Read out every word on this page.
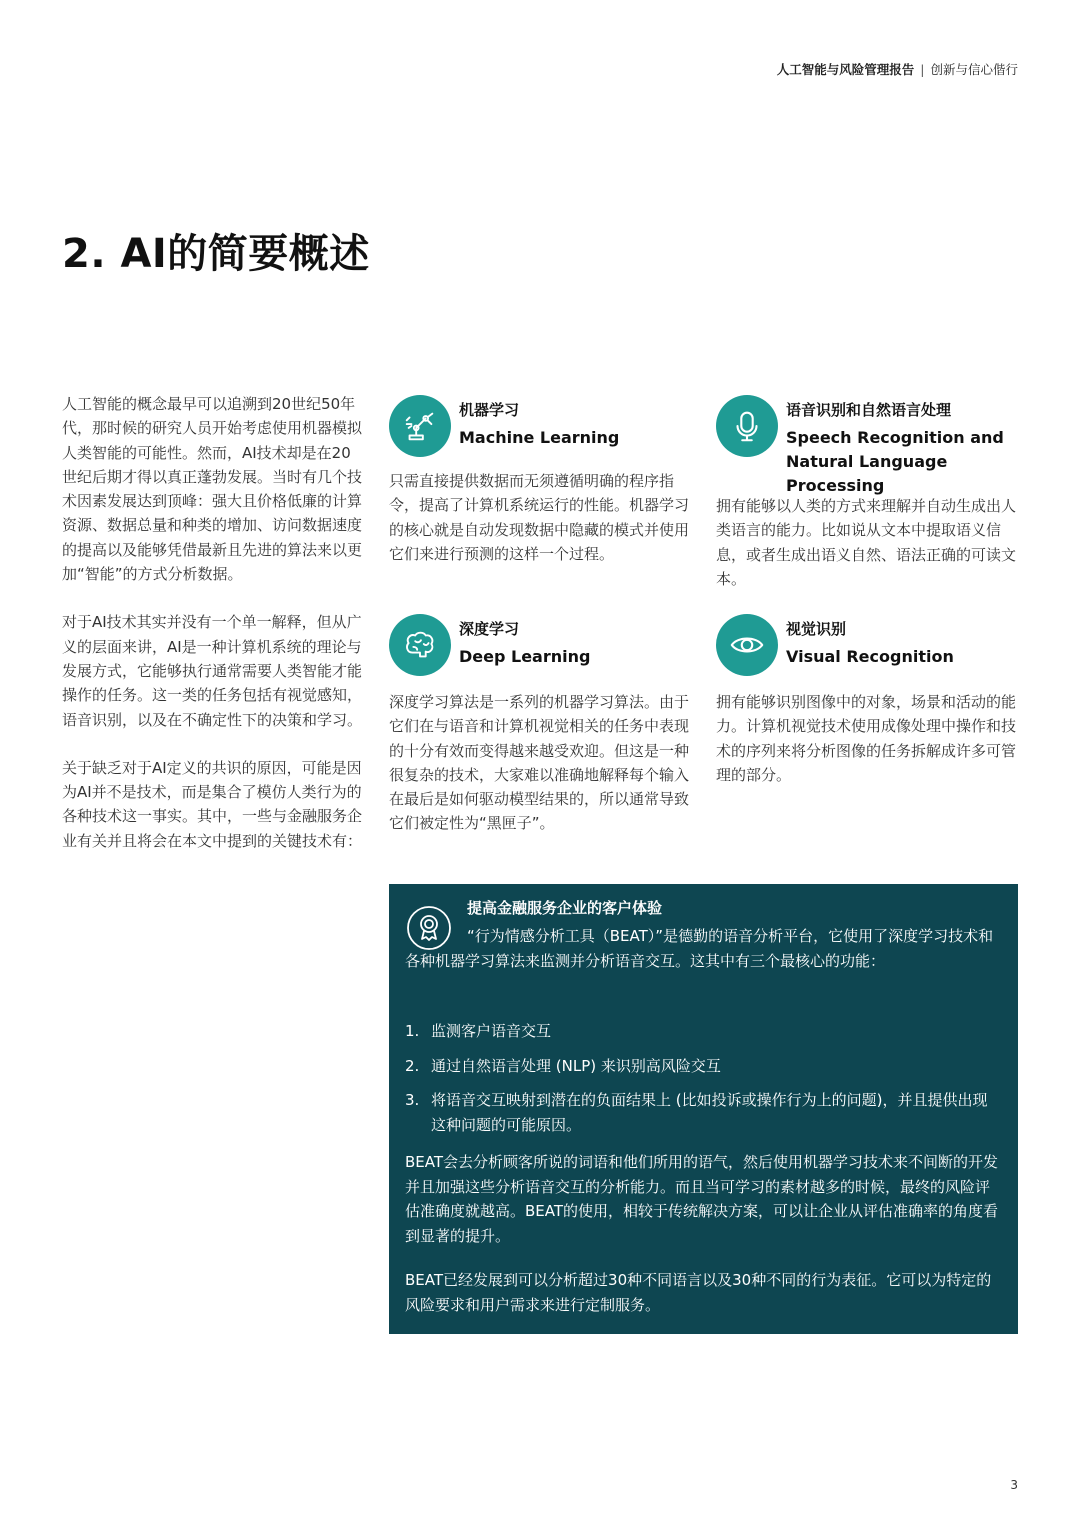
人工智能与风险管理报告 | 创新与信心偕行
2. AI的简要概述

人工智能的概念最早可以追溯到20世纪50年代，那时候的研究人员开始考虑使用机器模拟人类智能的可能性。然而，AI技术却是在20世纪后期才得以真正蓬勃发展。当时有几个技术因素发展达到顶峰：强大且价格低廉的计算资源、数据总量和种类的增加、访问数据速度的提高以及能够凭借最新且先进的算法来以更加“智能”的方式分析数据。

对于AI技术其实并没有一个单一解释，但从广义的层面来讲，AI是一种计算机系统的理论与发展方式，它能够执行通常需要人类智能才能操作的任务。这一类的任务包括有视觉感知，语音识别，以及在不确定性下的决策和学习。

关于缺乏对于AI定义的共识的原因，可能是因为AI并不是技术，而是集合了模仿人类行为的各种技术这一事实。其中，一些与金融服务企业有关并且将会在本文中提到的关键技术有：

机器学习
Machine Learning
只需直接提供数据而无须遵循明确的程序指令，提高了计算机系统运行的性能。机器学习的核心就是自动发现数据中隐藏的模式并使用它们来进行预测的这样一个过程。
语音识别和自然语言处理
Speech Recognition and Natural Language Processing
拥有能够以人类的方式来理解并自动生成出人类语言的能力。比如说从文本中提取语义信息，或者生成出语义自然、语法正确的可读文本。
深度学习
Deep Learning
深度学习算法是一系列的机器学习算法。由于它们在与语音和计算机视觉相关的任务中表现的十分有效而变得越来越受欢迎。但这是一种很复杂的技术，大家难以准确地解释每个输入在最后是如何驱动模型结果的，所以通常导致它们被定性为“黑匣子”。
视觉识别
Visual Recognition
拥有能够识别图像中的对象，场景和活动的能力。计算机视觉技术使用成像处理中操作和技术的序列来将分析图像的任务拆解成许多可管理的部分。
提高金融服务企业的客户体验
“行为情感分析工具（BEAT）”是德勤的语音分析平台，它使用了深度学习技术和各种机器学习算法来监测并分析语音交互。这其中有三个最核心的功能：
1. 监测客户语音交互
2. 通过自然语言处理 (NLP) 来识别高风险交互
3. 将语音交互映射到潜在的负面结果上 (比如投诉或操作行为上的问题)，并且提供出现这种问题的可能原因。
BEAT会去分析顾客所说的词语和他们所用的语气，然后使用机器学习技术来不间断的开发并且加强这些分析语音交互的分析能力。而且当可学习的素材越多的时候，最终的风险评估准确度就越高。BEAT的使用，相较于传统解决方案，可以让企业从评估准确率的角度看到显著的提升。
BEAT已经发展到可以分析超过30种不同语言以及30种不同的行为表征。它可以为特定的风险要求和用户需求来进行定制服务。
3
